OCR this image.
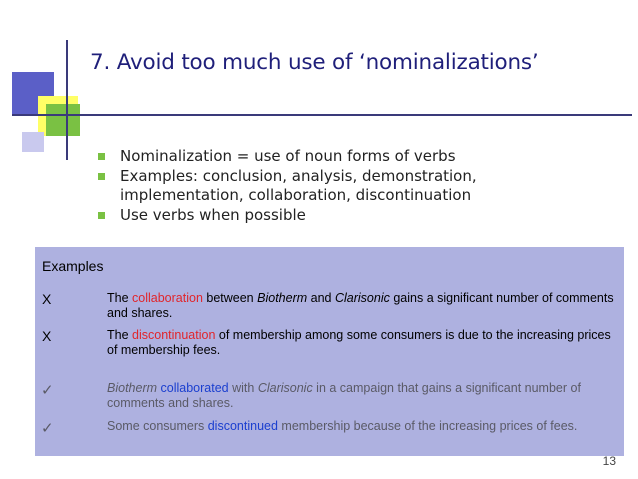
7. Avoid too much use of ‘nominalizations’
Nominalization = use of noun forms of verbs
Examples: conclusion, analysis, demonstration, implementation, collaboration, discontinuation
Use verbs when possible
Examples
X	The collaboration between Biotherm and Clarisonic gains a significant number of comments and shares.
X	The discontinuation of membership among some consumers is due to the increasing prices of membership fees.
✓	Biotherm collaborated with Clarisonic in a campaign that gains a significant number of comments and shares.
✓	Some consumers discontinued membership because of the increasing prices of fees.
13
